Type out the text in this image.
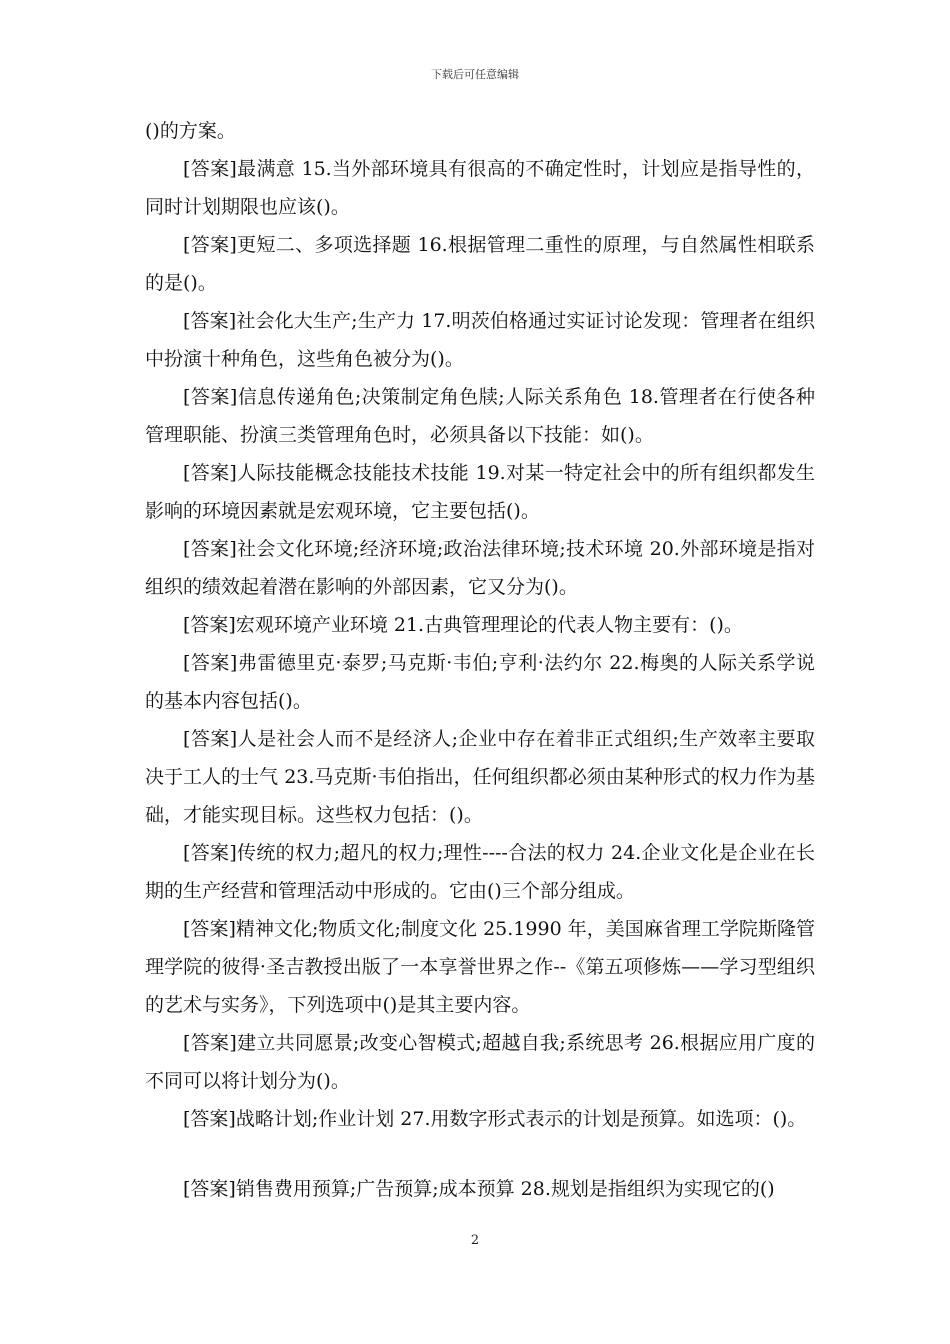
下载后可任意编辑

()的方案。

[答案]最满意 15.当外部环境具有很高的不确定性时，计划应是指导性的，同时计划期限也应该()。

[答案]更短二、多项选择题 16.根据管理二重性的原理，与自然属性相联系的是()。

[答案]社会化大生产;生产力 17.明茨伯格通过实证讨论发现：管理者在组织中扮演十种角色，这些角色被分为()。

[答案]信息传递角色;决策制定角色牍;人际关系角色 18.管理者在行使各种管理职能、扮演三类管理角色时，必须具备以下技能：如()。

[答案]人际技能概念技能技术技能 19.对某一特定社会中的所有组织都发生影响的环境因素就是宏观环境，它主要包括()。

[答案]社会文化环境;经济环境;政治法律环境;技术环境 20.外部环境是指对组织的绩效起着潜在影响的外部因素，它又分为()。

[答案]宏观环境产业环境 21.古典管理理论的代表人物主要有：()。

[答案]弗雷德里克·泰罗;马克斯·韦伯;亨利·法约尔 22.梅奥的人际关系学说的基本内容包括()。

[答案]人是社会人而不是经济人;企业中存在着非正式组织;生产效率主要取决于工人的士气 23.马克斯·韦伯指出，任何组织都必须由某种形式的权力作为基础，才能实现目标。这些权力包括：()。

[答案]传统的权力;超凡的权力;理性----合法的权力 24.企业文化是企业在长期的生产经营和管理活动中形成的。它由()三个部分组成。

[答案]精神文化;物质文化;制度文化 25.1990 年，美国麻省理工学院斯隆管理学院的彼得·圣吉教授出版了一本享誉世界之作--《第五项修炼——学习型组织的艺术与实务》，下列选项中()是其主要内容。

[答案]建立共同愿景;改变心智模式;超越自我;系统思考 26.根据应用广度的不同可以将计划分为()。

[答案]战略计划;作业计划 27.用数字形式表示的计划是预算。如选项：()。

[答案]销售费用预算;广告预算;成本预算 28.规划是指组织为实现它的()

2
